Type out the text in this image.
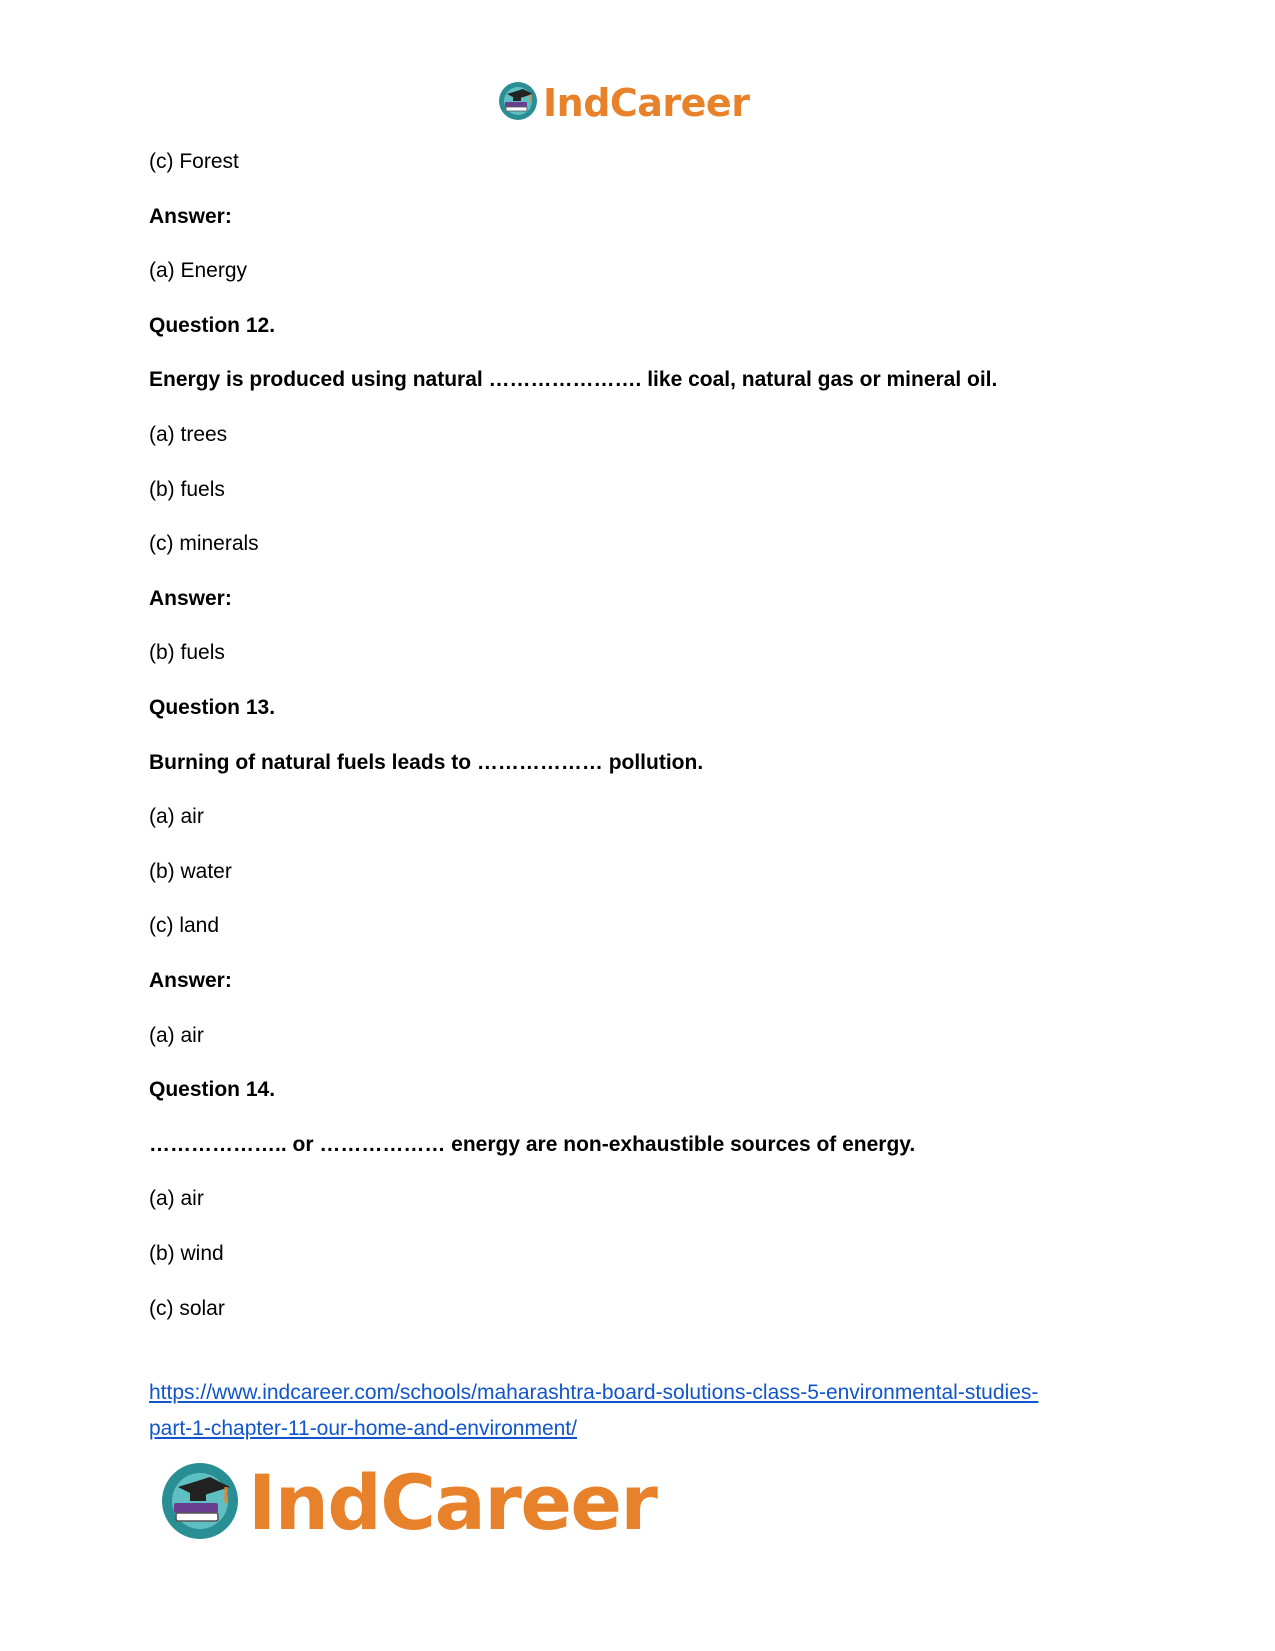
IndCareer
(c) Forest
Answer:
(a) Energy
Question 12.
Energy is produced using natural …………………. like coal, natural gas or mineral oil.
(a) trees
(b) fuels
(c) minerals
Answer:
(b) fuels
Question 13.
Burning of natural fuels leads to ……………… pollution.
(a) air
(b) water
(c) land
Answer:
(a) air
Question 14.
……………….. or ……………… energy are non-exhaustible sources of energy.
(a) air
(b) wind
(c) solar
https://www.indcareer.com/schools/maharashtra-board-solutions-class-5-environmental-studies-
part-1-chapter-11-our-home-and-environment/
IndCareer
